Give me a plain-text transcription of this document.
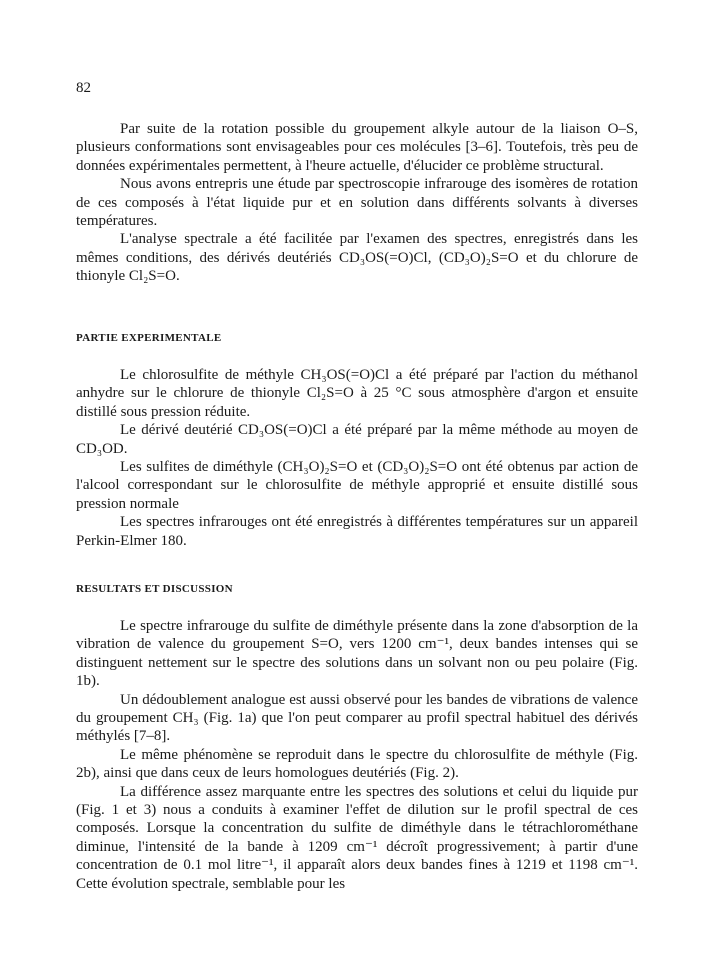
82

Par suite de la rotation possible du groupement alkyle autour de la liaison O–S, plusieurs conformations sont envisageables pour ces molécules [3–6]. Toutefois, très peu de données expérimentales permettent, à l'heure actuelle, d'élucider ce problème structural.

Nous avons entrepris une étude par spectroscopie infrarouge des isomères de rotation de ces composés à l'état liquide pur et en solution dans différents solvants à diverses températures.

L'analyse spectrale a été facilitée par l'examen des spectres, enregistrés dans les mêmes conditions, des dérivés deutériés CD₃OS(=O)Cl, (CD₃O)₂S=O et du chlorure de thionyle Cl₂S=O.

PARTIE EXPERIMENTALE

Le chlorosulfite de méthyle CH₃OS(=O)Cl a été préparé par l'action du méthanol anhydre sur le chlorure de thionyle Cl₂S=O à 25 °C sous atmosphère d'argon et ensuite distillé sous pression réduite.

Le dérivé deutérié CD₃OS(=O)Cl a été préparé par la même méthode au moyen de CD₃OD.

Les sulfites de diméthyle (CH₃O)₂S=O et (CD₃O)₂S=O ont été obtenus par action de l'alcool correspondant sur le chlorosulfite de méthyle approprié et ensuite distillé sous pression normale

Les spectres infrarouges ont été enregistrés à différentes températures sur un appareil Perkin-Elmer 180.

RESULTATS ET DISCUSSION

Le spectre infrarouge du sulfite de diméthyle présente dans la zone d'absorption de la vibration de valence du groupement S=O, vers 1200 cm⁻¹, deux bandes intenses qui se distinguent nettement sur le spectre des solutions dans un solvant non ou peu polaire (Fig. 1b).

Un dédoublement analogue est aussi observé pour les bandes de vibrations de valence du groupement CH₃ (Fig. 1a) que l'on peut comparer au profil spectral habituel des dérivés méthylés [7–8].

Le même phénomène se reproduit dans le spectre du chlorosulfite de méthyle (Fig. 2b), ainsi que dans ceux de leurs homologues deutériés (Fig. 2).

La différence assez marquante entre les spectres des solutions et celui du liquide pur (Fig. 1 et 3) nous a conduits à examiner l'effet de dilution sur le profil spectral de ces composés. Lorsque la concentration du sulfite de diméthyle dans le tétrachlorométhane diminue, l'intensité de la bande à 1209 cm⁻¹ décroît progressivement; à partir d'une concentration de 0.1 mol litre⁻¹, il apparaît alors deux bandes fines à 1219 et 1198 cm⁻¹. Cette évolution spectrale, semblable pour les
